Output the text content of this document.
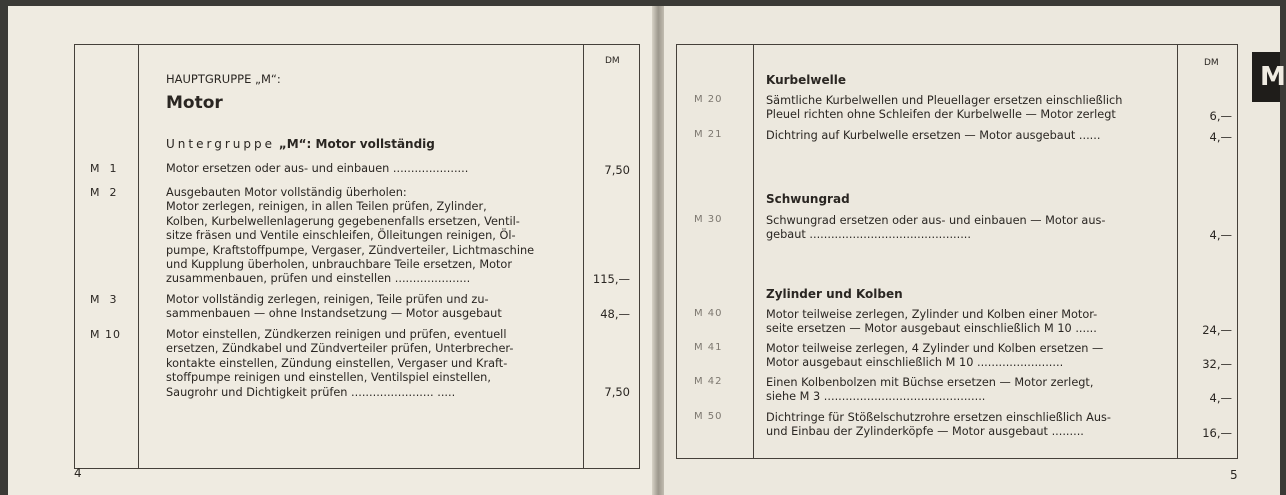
DM
HAUPTGRUPPE „M“:
Motor
Untergruppe „M“: Motor vollständig
M  1	Motor ersetzen oder aus- und einbauen .....................	7,50
M  2	Ausgebauten Motor vollständig überholen:
Motor zerlegen, reinigen, in allen Teilen prüfen, Zylinder,
Kolben, Kurbelwellenlagerung gegebenenfalls ersetzen, Ventil-
sitze fräsen und Ventile einschleifen, Ölleitungen reinigen, Öl-
pumpe, Kraftstoffpumpe, Vergaser, Zündverteiler, Lichtmaschine
und Kupplung überholen, unbrauchbare Teile ersetzen, Motor
zusammenbauen, prüfen und einstellen .....................	115,—
M  3	Motor vollständig zerlegen, reinigen, Teile prüfen und zu-
sammenbauen — ohne Instandsetzung — Motor ausgebaut	48,—
M 10	Motor einstellen, Zündkerzen reinigen und prüfen, eventuell
ersetzen, Zündkabel und Zündverteiler prüfen, Unterbrecher-
kontakte einstellen, Zündung einstellen, Vergaser und Kraft-
stoffpumpe reinigen und einstellen, Ventilspiel einstellen,
Saugrohr und Dichtigkeit prüfen ....................... .....	7,50
4
DM	M
Kurbelwelle
M 20	Sämtliche Kurbelwellen und Pleuellager ersetzen einschließlich
Pleuel richten ohne Schleifen der Kurbelwelle — Motor zerlegt	6,—
M 21	Dichtring auf Kurbelwelle ersetzen — Motor ausgebaut ......	4,—
Schwungrad
M 30	Schwungrad ersetzen oder aus- und einbauen — Motor aus-
gebaut .............................................	4,—
Zylinder und Kolben
M 40	Motor teilweise zerlegen, Zylinder und Kolben einer Motor-
seite ersetzen — Motor ausgebaut einschließlich M 10 ......	24,—
M 41	Motor teilweise zerlegen, 4 Zylinder und Kolben ersetzen —
Motor ausgebaut einschließlich M 10 ........................	32,—
M 42	Einen Kolbenbolzen mit Büchse ersetzen — Motor zerlegt,
siehe M 3 .............................................	4,—
M 50	Dichtringe für Stößelschutzrohre ersetzen einschließlich Aus-
und Einbau der Zylinderköpfe — Motor ausgebaut .........	16,—
5
